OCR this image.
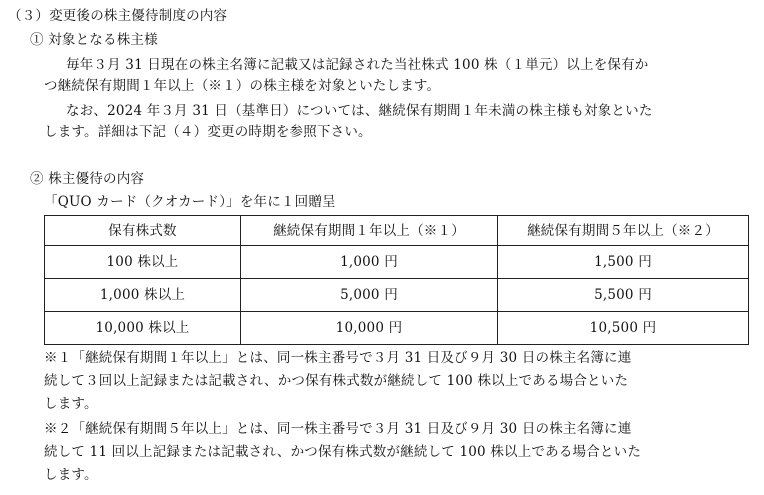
（３）変更後の株主優待制度の内容
① 対象となる株主様
毎年３月 31 日現在の株主名簿に記載又は記録された当社株式 100 株（１単元）以上を保有か
つ継続保有期間１年以上（※１）の株主様を対象といたします。
なお、2024 年３月 31 日（基準日）については、継続保有期間１年未満の株主様も対象といた
します。詳細は下記（４）変更の時期を参照下さい。
② 株主優待の内容
「QUO カード（クオカード）」を年に１回贈呈
保有株式数	継続保有期間１年以上（※１）	継続保有期間５年以上（※２）
100 株以上	1,000 円	1,500 円
1,000 株以上	5,000 円	5,500 円
10,000 株以上	10,000 円	10,500 円
※１「継続保有期間１年以上」とは、同一株主番号で３月 31 日及び９月 30 日の株主名簿に連
続して３回以上記録または記載され、かつ保有株式数が継続して 100 株以上である場合といた
します。
※２「継続保有期間５年以上」とは、同一株主番号で３月 31 日及び９月 30 日の株主名簿に連
続して 11 回以上記録または記載され、かつ保有株式数が継続して 100 株以上である場合といた
します。
